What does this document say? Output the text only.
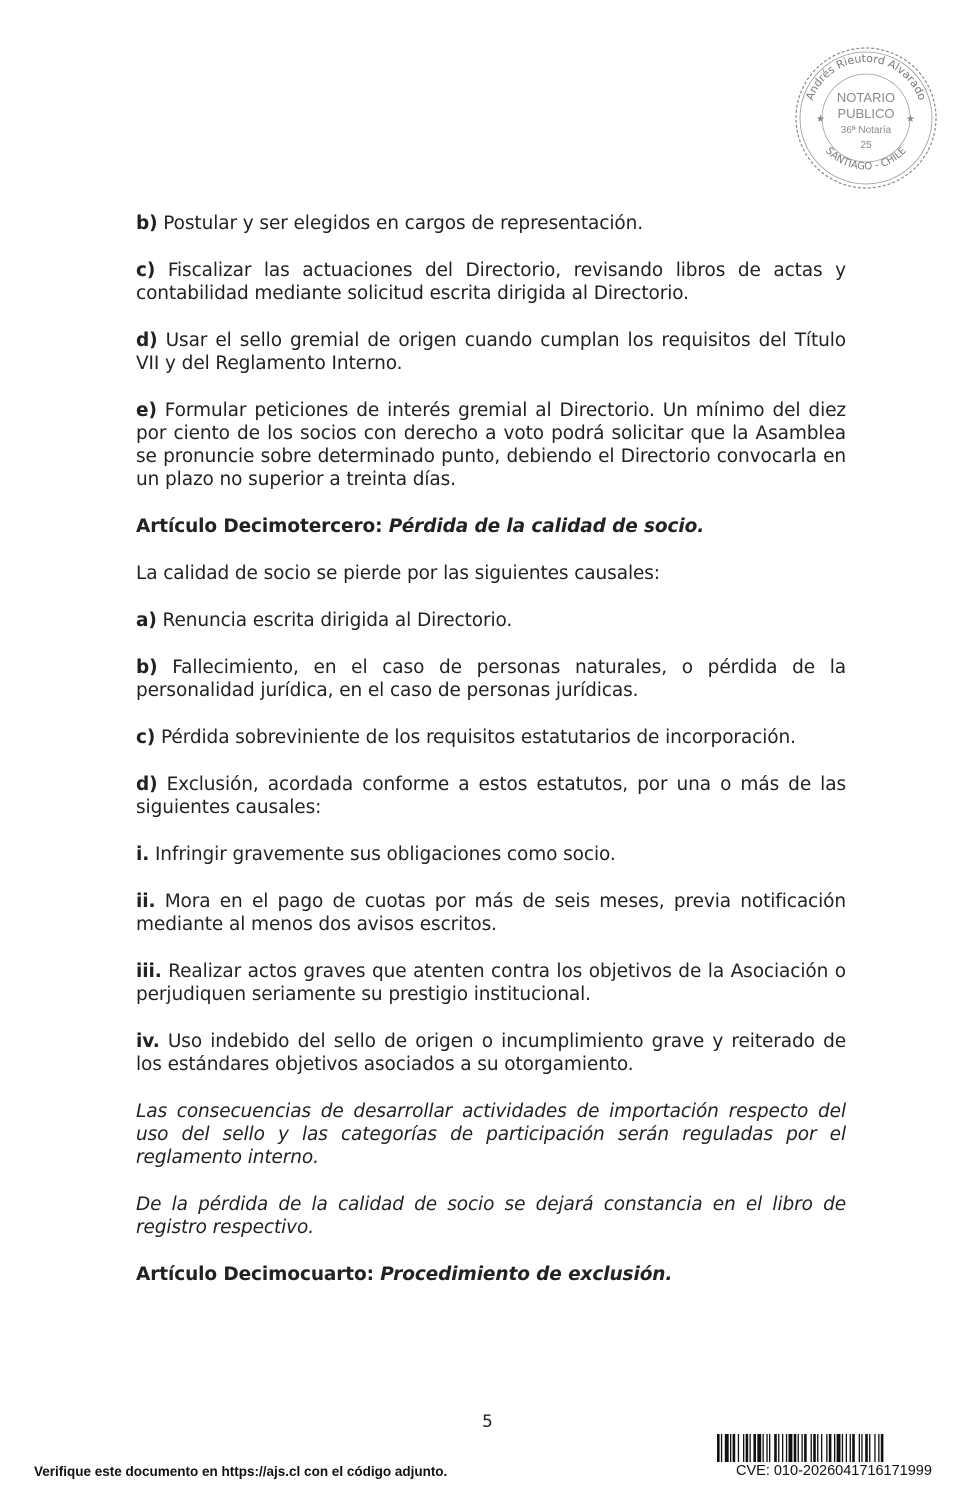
Andrés Rieutord Alvarado
SANTIAGO - CHILE
NOTARIO
PUBLICO
36ª Notaría
25
★	★

b) Postular y ser elegidos en cargos de representación.

c) Fiscalizar las actuaciones del Directorio, revisando libros de actas y contabilidad mediante solicitud escrita dirigida al Directorio.

d) Usar el sello gremial de origen cuando cumplan los requisitos del Título VII y del Reglamento Interno.

e) Formular peticiones de interés gremial al Directorio. Un mínimo del diez por ciento de los socios con derecho a voto podrá solicitar que la Asamblea se pronuncie sobre determinado punto, debiendo el Directorio convocarla en un plazo no superior a treinta días.

Artículo Decimotercero: Pérdida de la calidad de socio.

La calidad de socio se pierde por las siguientes causales:

a) Renuncia escrita dirigida al Directorio.

b) Fallecimiento, en el caso de personas naturales, o pérdida de la personalidad jurídica, en el caso de personas jurídicas.

c) Pérdida sobreviniente de los requisitos estatutarios de incorporación.

d) Exclusión, acordada conforme a estos estatutos, por una o más de las siguientes causales:

i. Infringir gravemente sus obligaciones como socio.

ii. Mora en el pago de cuotas por más de seis meses, previa notificación mediante al menos dos avisos escritos.

iii. Realizar actos graves que atenten contra los objetivos de la Asociación o perjudiquen seriamente su prestigio institucional.

iv. Uso indebido del sello de origen o incumplimiento grave y reiterado de los estándares objetivos asociados a su otorgamiento.

Las consecuencias de desarrollar actividades de importación respecto del uso del sello y las categorías de participación serán reguladas por el reglamento interno.

De la pérdida de la calidad de socio se dejará constancia en el libro de registro respectivo.

Artículo Decimocuarto: Procedimiento de exclusión.

5
Verifique este documento en https://ajs.cl con el código adjunto.	CVE: 010-2026041716171999
